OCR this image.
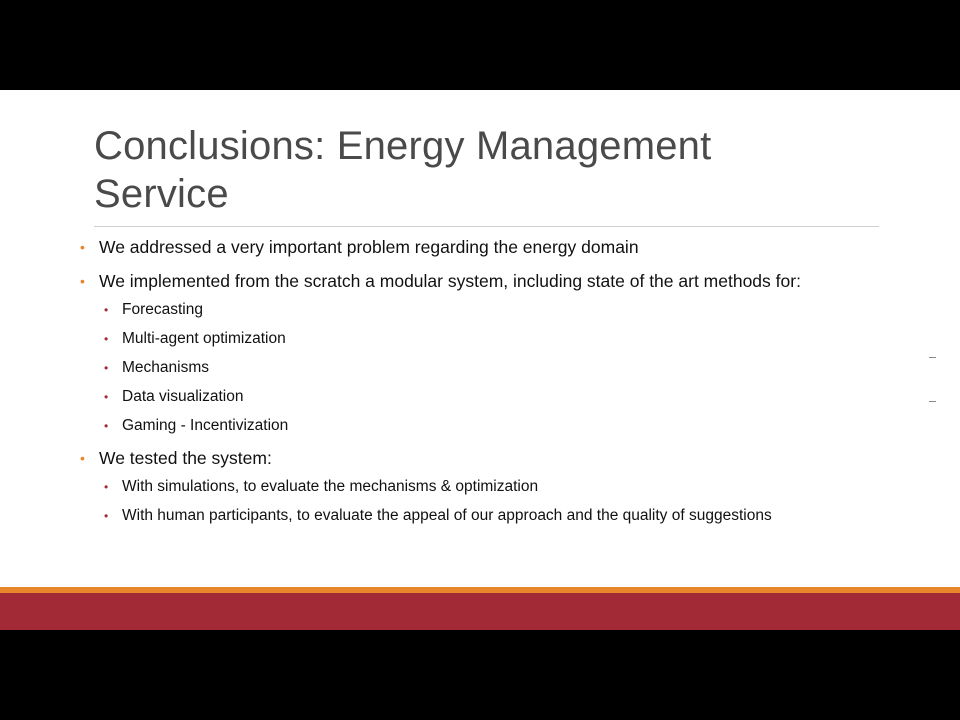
Conclusions: Energy Management Service
• We addressed a very important problem regarding the energy domain
• We implemented from the scratch a modular system, including state of the art methods for:
• Forecasting
• Multi-agent optimization
• Mechanisms
• Data visualization
• Gaming - Incentivization
• We tested the system:
• With simulations, to evaluate the mechanisms & optimization
• With human participants, to evaluate the appeal of our approach and the quality of suggestions
